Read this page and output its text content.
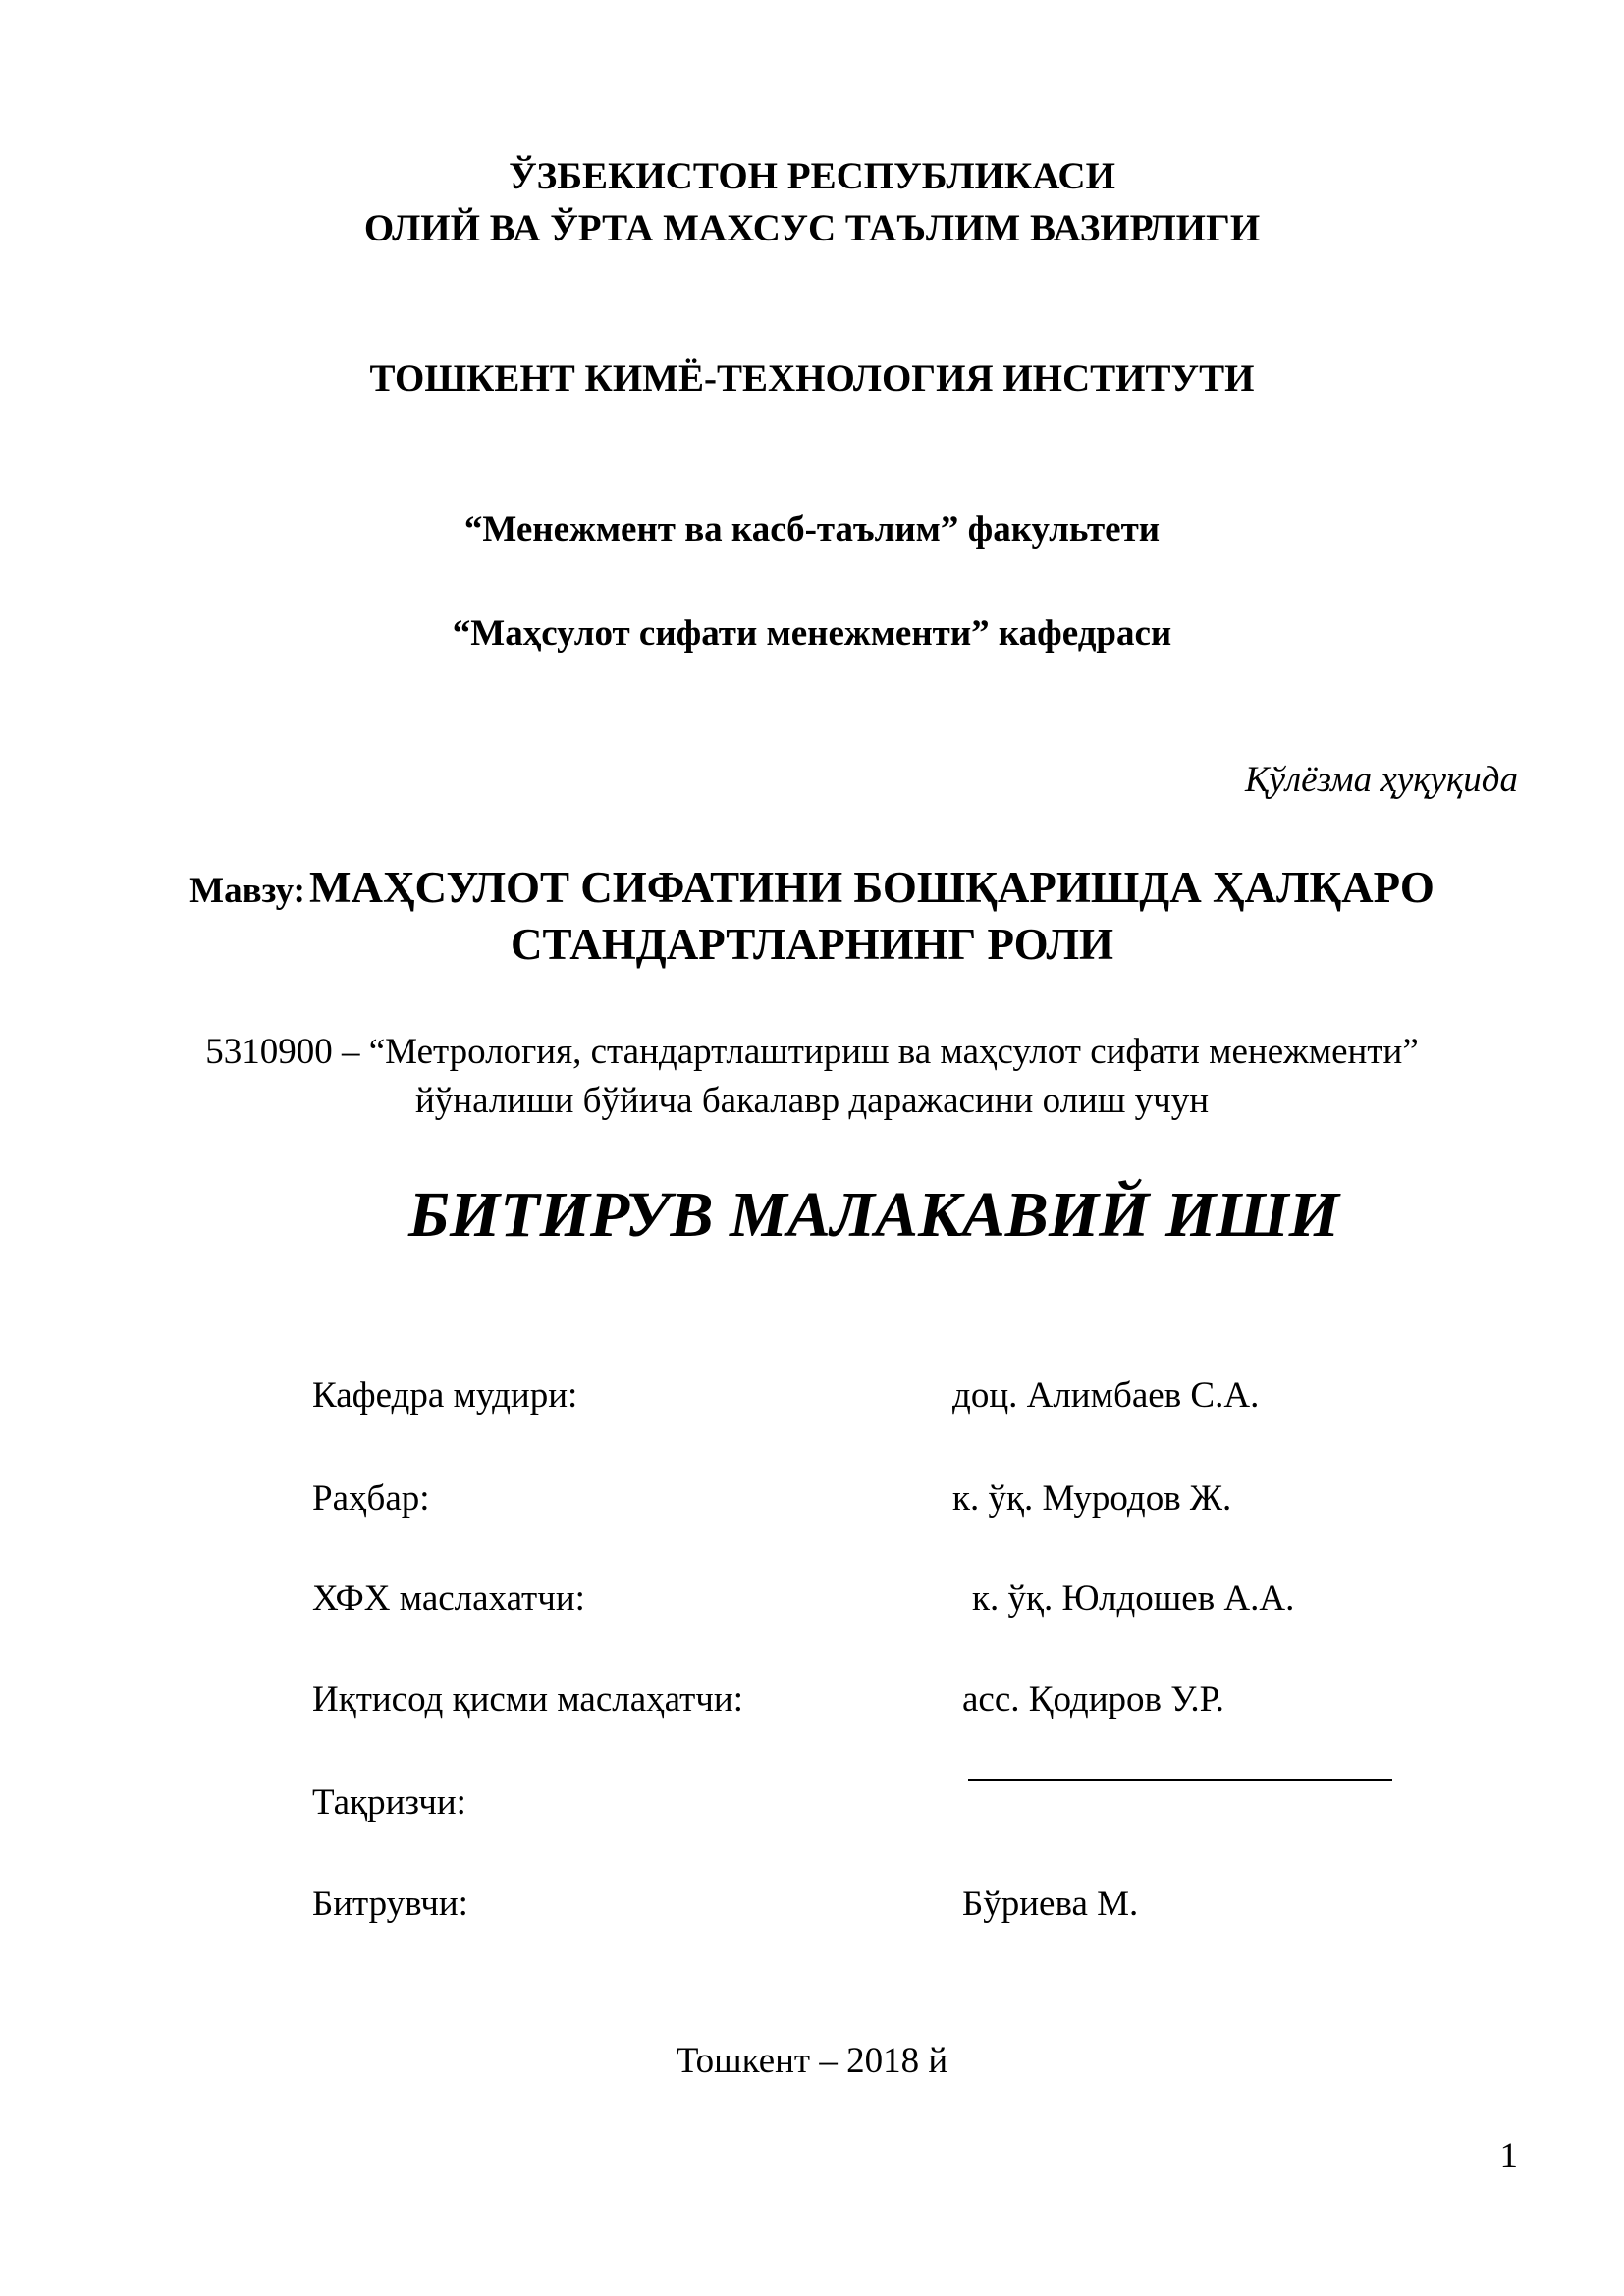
ЎЗБЕКИСТОН РЕСПУБЛИКАСИ

ОЛИЙ ВА ЎРТА МАХСУС ТАЪЛИМ ВАЗИРЛИГИ

ТОШКЕНТ КИМЁ-ТЕХНОЛОГИЯ ИНСТИТУТИ

“Менежмент ва касб-таълим” факультети

“Маҳсулот сифати менежменти” кафедраси

Қўлёзма ҳуқуқида
Мавзу: МАҲСУЛОТ СИФАТИНИ БОШҚАРИШДА ҲАЛҚАРО
СТАНДАРТЛАРНИНГ РОЛИ

5310900 – “Метрология, стандартлаштириш ва маҳсулот сифати менежменти”

йўналиши бўйича бакалавр даражасини олиш учун

БИТИРУВ МАЛАКАВИЙ ИШИ
Кафедра мудири:	доц. Алимбаев С.А.
Раҳбар:	к. ўқ. Муродов Ж.
ХФХ маслахатчи:	к. ўқ. Юлдошев А.А.
Иқтисод қисми маслаҳатчи:	асс. Қодиров У.Р.
Тақризчи:
Битрувчи:	Бўриева М.
Тошкент – 2018 й
1
